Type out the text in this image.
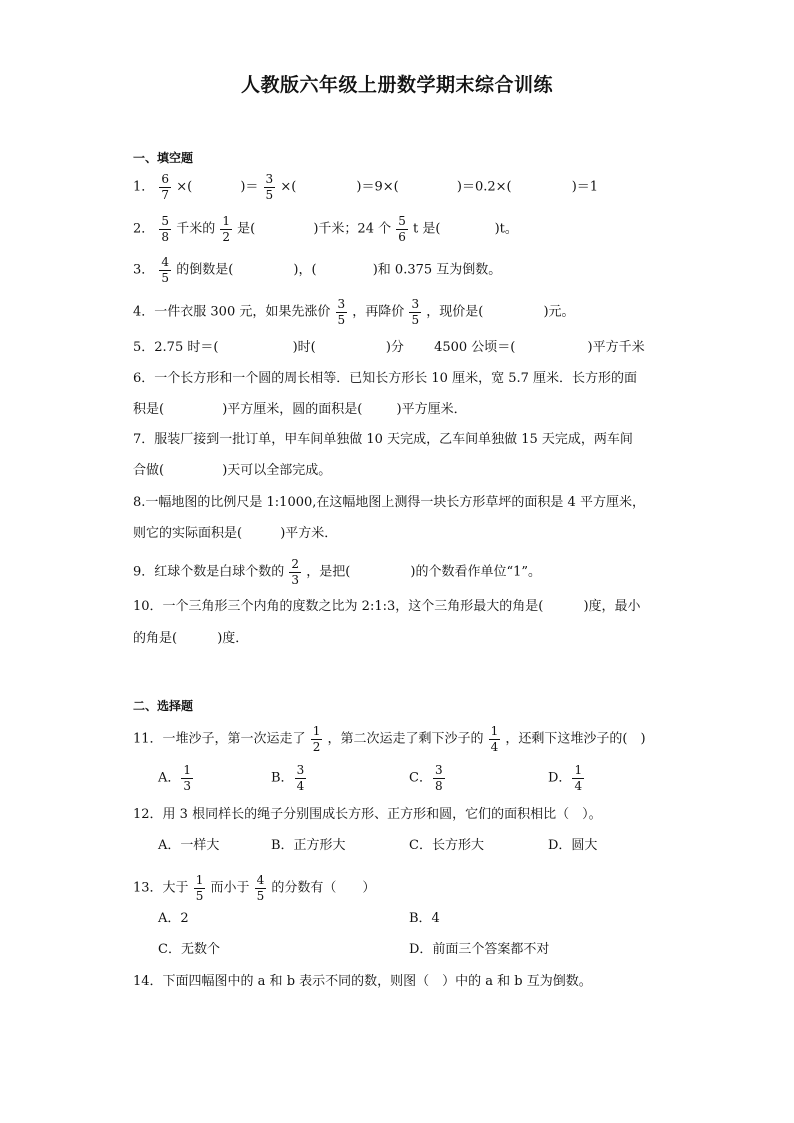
人教版六年级上册数学期末综合训练
一、填空题
1． $\frac{6}{7}$ ×(	)＝ $\frac{3}{5}$ ×(	)＝9×(	)＝0.2×(	)＝1
2． $\frac{5}{8}$ 千米的 $\frac{1}{2}$ 是(	)千米；24 个 $\frac{5}{6}$ t 是(	)t。
3． $\frac{4}{5}$ 的倒数是(	)，(	)和 0.375 互为倒数。
4．一件衣服 300 元，如果先涨价 $\frac{3}{5}$ ，再降价 $\frac{3}{5}$ ，现价是(	)元。
5．2.75 时＝(	)时(	)分 4500 公顷＝(	)平方千米
6．一个长方形和一个圆的周长相等．已知长方形长 10 厘米，宽 5.7 厘米．长方形的面
积是(	)平方厘米，圆的面积是(	)平方厘米．
7．服装厂接到一批订单，甲车间单独做 10 天完成，乙车间单独做 15 天完成，两车间
合做(	)天可以全部完成。
8.一幅地图的比例尺是 1:1000,在这幅地图上测得一块长方形草坪的面积是 4 平方厘米，
则它的实际面积是(	)平方米．
9．红球个数是白球个数的 $\frac{2}{3}$ ，是把(	)的个数看作单位“1”。
10．一个三角形三个内角的度数之比为 2:1:3，这个三角形最大的角是(	)度，最小
的角是(	)度．
二、选择题
11．一堆沙子，第一次运走了 $\frac{1}{2}$ ，第二次运走了剩下沙子的 $\frac{1}{4}$ ，还剩下这堆沙子的(　)
A． $\frac{1}{3}$	B． $\frac{3}{4}$	C． $\frac{3}{8}$	D． $\frac{1}{4}$
12．用 3 根同样长的绳子分别围成长方形、正方形和圆，它们的面积相比（　）。
A．一样大	B．正方形大	C．长方形大	D．圆大
13．大于 $\frac{1}{5}$ 而小于 $\frac{4}{5}$ 的分数有（　　）
A．2	B．4
C．无数个	D．前面三个答案都不对
14．下面四幅图中的 a 和 b 表示不同的数，则图（　）中的 a 和 b 互为倒数。
